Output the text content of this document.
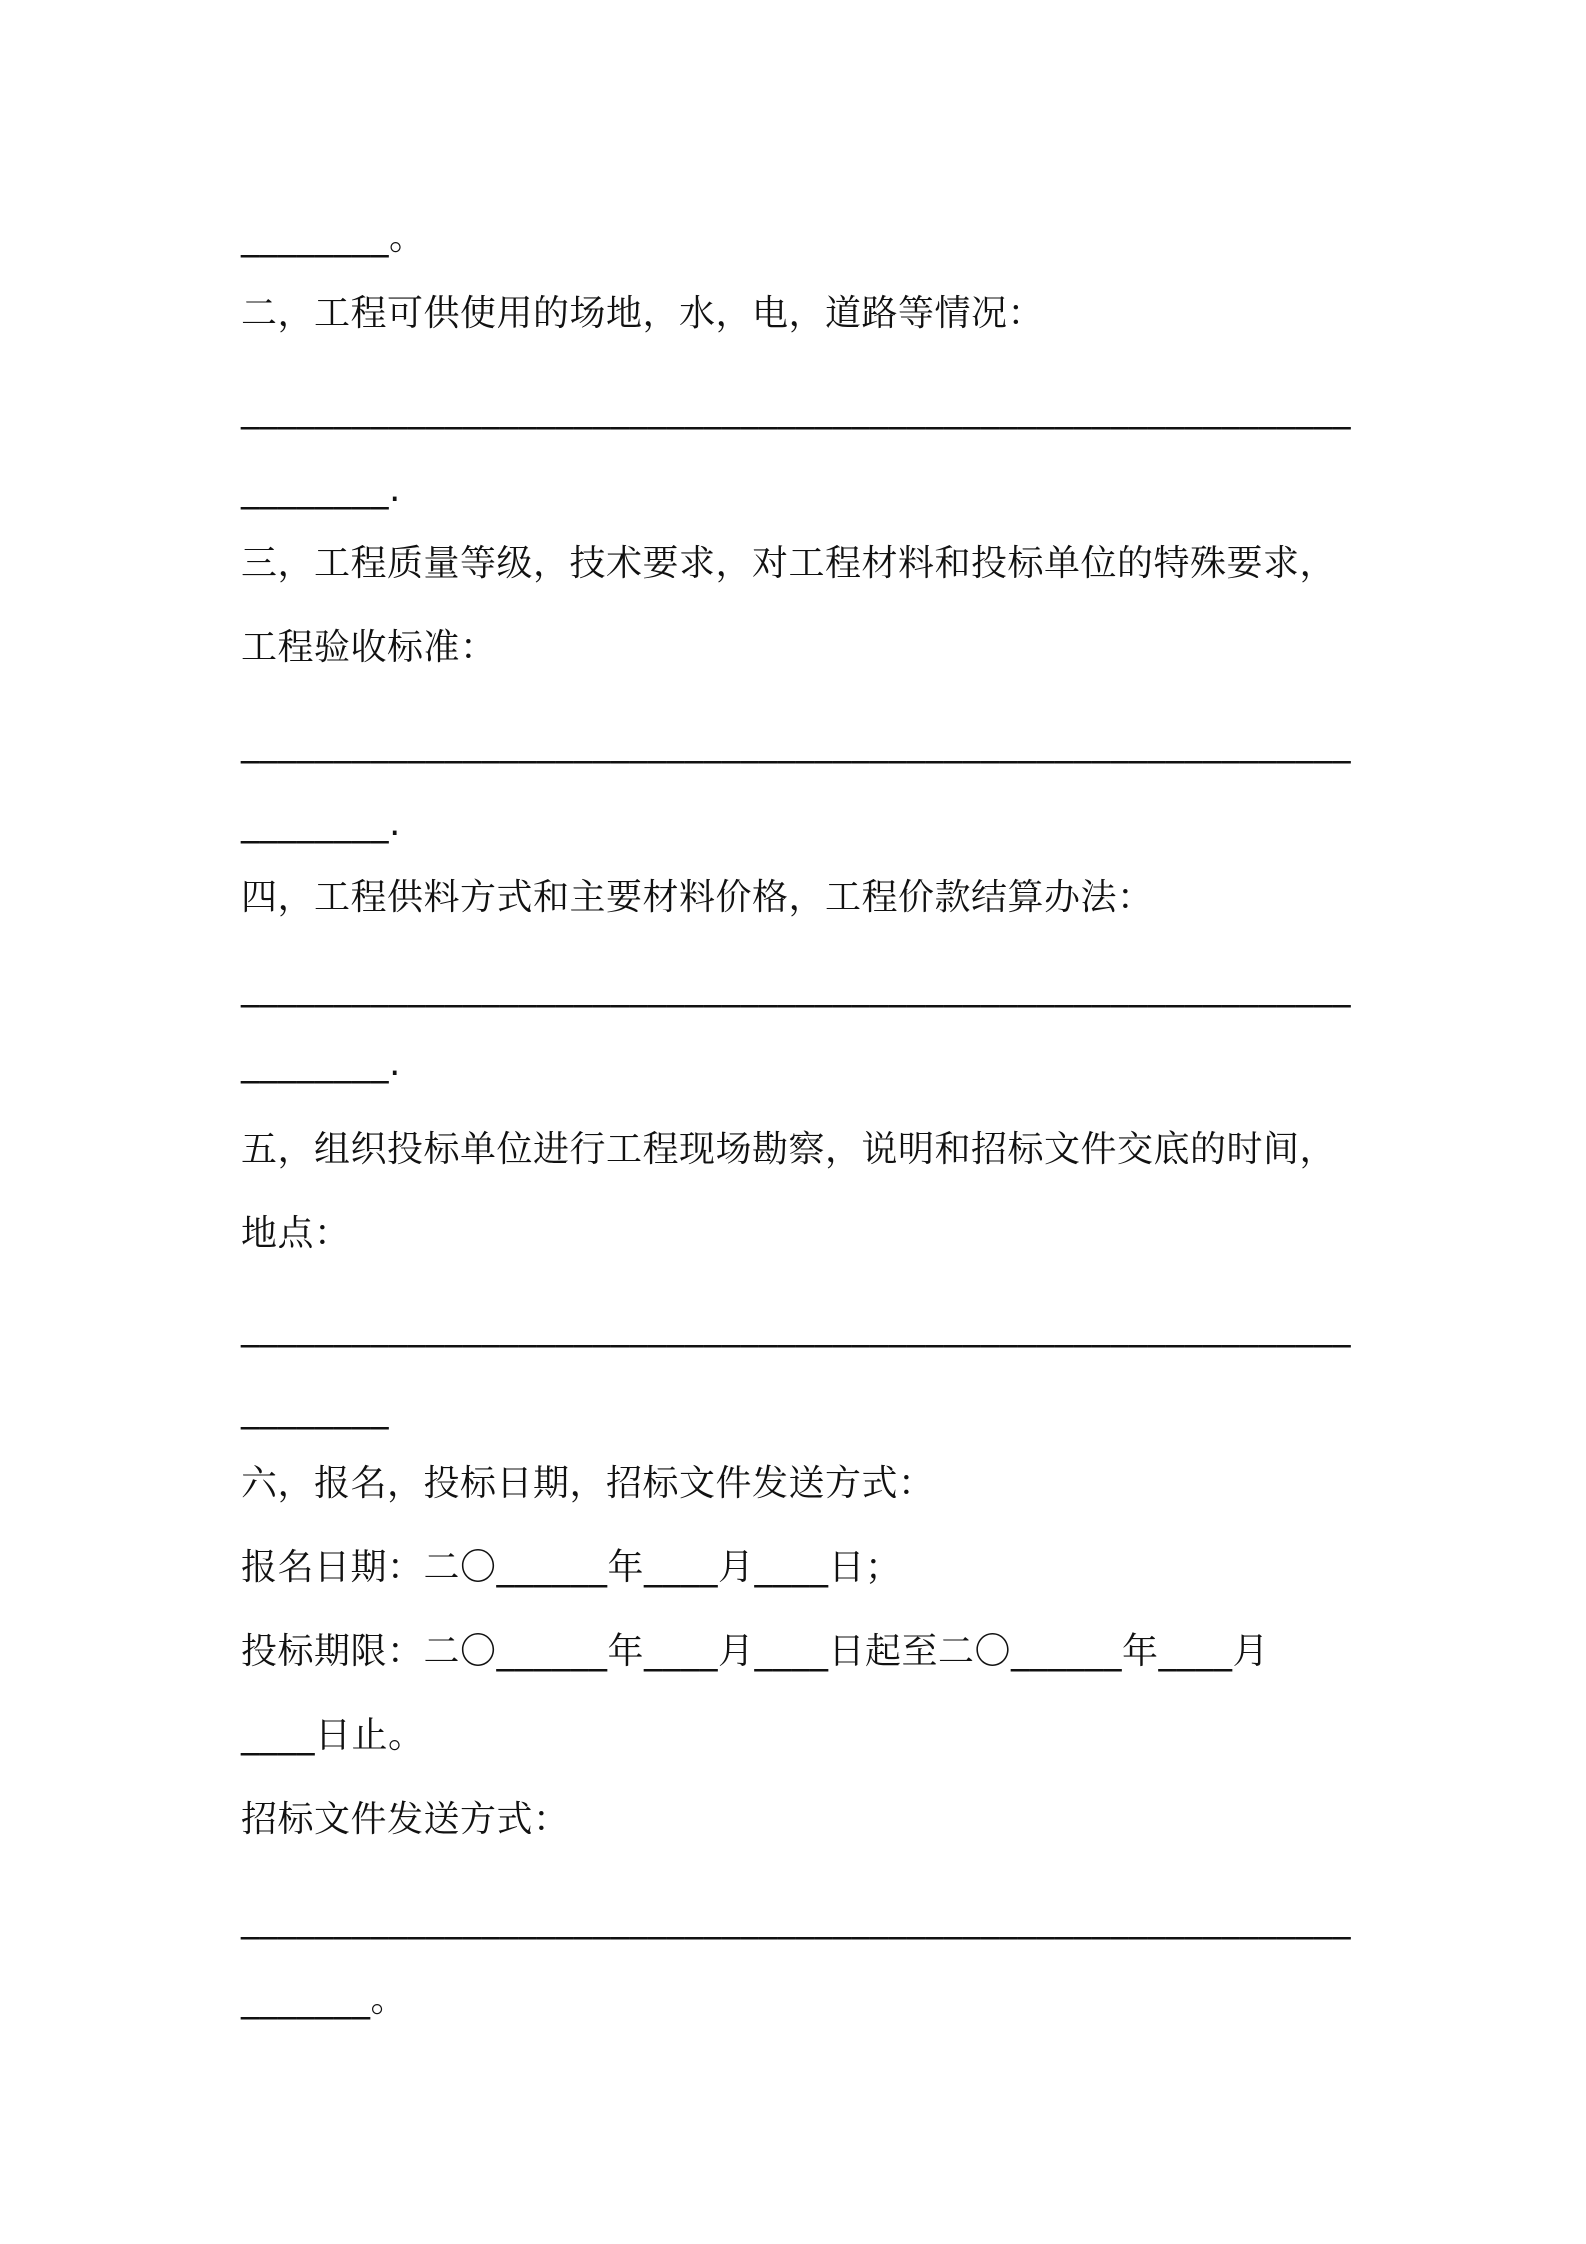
________。
二，工程可供使用的场地，水，电，道路等情况：
____________________________________________________________
________.
三，工程质量等级，技术要求，对工程材料和投标单位的特殊要求，
工程验收标准：
____________________________________________________________
________.
四，工程供料方式和主要材料价格，工程价款结算办法：
____________________________________________________________
________.
五，组织投标单位进行工程现场勘察，说明和招标文件交底的时间，
地点：
____________________________________________________________
________
六，报名，投标日期，招标文件发送方式：
报名日期：二〇______年____月____日；
投标期限：二〇______年____月____日起至二〇______年____月
____日止。
招标文件发送方式：
____________________________________________________________
_______。
